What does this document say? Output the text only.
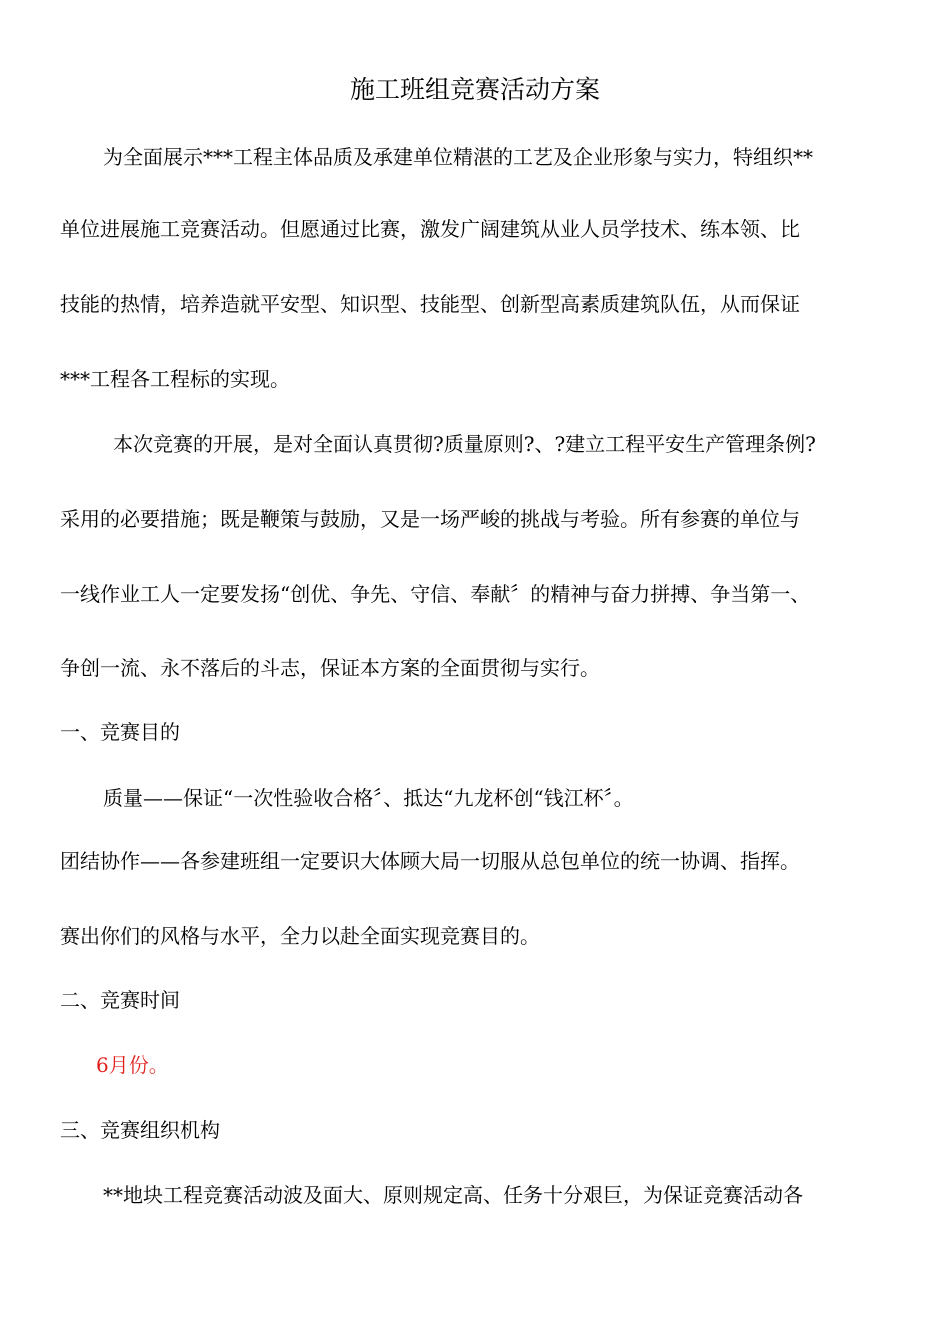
施工班组竞赛活动方案
为全面展示***工程主体品质及承建单位精湛的工艺及企业形象与实力，特组织**
单位进展施工竞赛活动。但愿通过比赛，激发广阔建筑从业人员学技术、练本领、比
技能的热情，培养造就平安型、知识型、技能型、创新型高素质建筑队伍，从而保证
***工程各工程标的实现。
本次竞赛的开展，是对全面认真贯彻?质量原则?、?建立工程平安生产管理条例?
采用的必要措施；既是鞭策与鼓励，又是一场严峻的挑战与考验。所有参赛的单位与
一线作业工人一定要发扬“创优、争先、守信、奉献〞的精神与奋力拼搏、争当第一、
争创一流、永不落后的斗志，保证本方案的全面贯彻与实行。
一、竞赛目的
质量——保证“一次性验收合格〞、抵达“九龙杯创“钱江杯〞。
团结协作——各参建班组一定要识大体顾大局一切服从总包单位的统一协调、指挥。
赛出你们的风格与水平，全力以赴全面实现竞赛目的。
二、竞赛时间
6月份。
三、竞赛组织机构
**地块工程竞赛活动波及面大、原则规定高、任务十分艰巨，为保证竞赛活动各
